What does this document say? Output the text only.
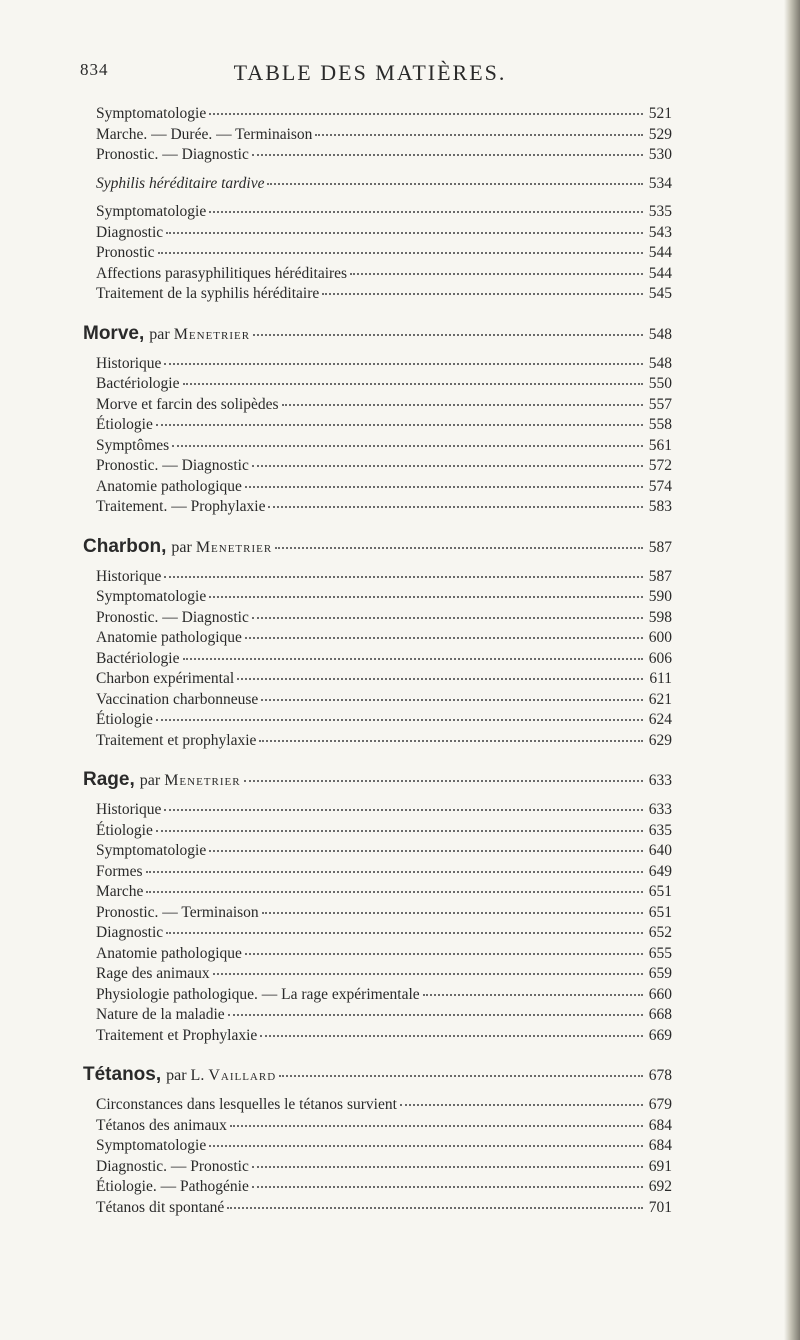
834	TABLE DES MATIÈRES.
Symptomatologie	521
Marche. — Durée. — Terminaison	529
Pronostic. — Diagnostic	530
Syphilis héréditaire tardive	534
Symptomatologie	535
Diagnostic	543
Pronostic	544
Affections parasyphilitiques héréditaires	544
Traitement de la syphilis héréditaire	545
Morve, par Menetrier	548
Historique	548
Bactériologie	550
Morve et farcin des solipèdes	557
Étiologie	558
Symptômes	561
Pronostic. — Diagnostic	572
Anatomie pathologique	574
Traitement. — Prophylaxie	583
Charbon, par Menetrier	587
Historique	587
Symptomatologie	590
Pronostic. — Diagnostic	598
Anatomie pathologique	600
Bactériologie	606
Charbon expérimental	611
Vaccination charbonneuse	621
Étiologie	624
Traitement et prophylaxie	629
Rage, par Menetrier	633
Historique	633
Étiologie	635
Symptomatologie	640
Formes	649
Marche	651
Pronostic. — Terminaison	651
Diagnostic	652
Anatomie pathologique	655
Rage des animaux	659
Physiologie pathologique. — La rage expérimentale	660
Nature de la maladie	668
Traitement et Prophylaxie	669
Tétanos, par L. Vaillard	678
Circonstances dans lesquelles le tétanos survient	679
Tétanos des animaux	684
Symptomatologie	684
Diagnostic. — Pronostic	691
Étiologie. — Pathogénie	692
Tétanos dit spontané	701
